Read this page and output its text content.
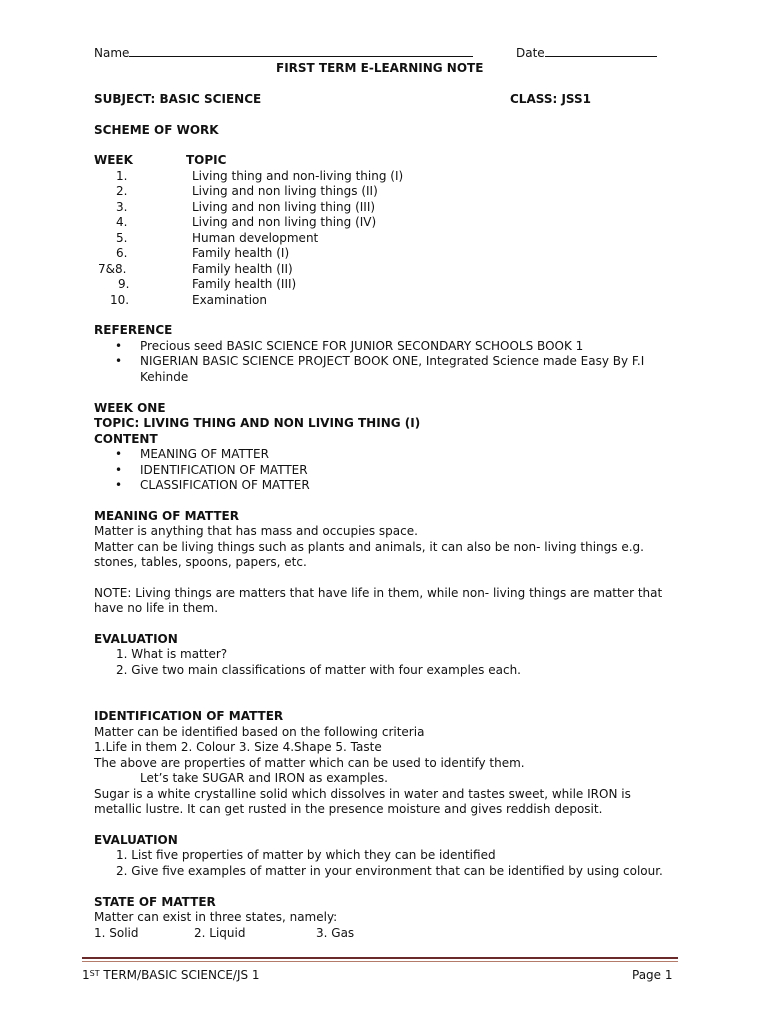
Name	Date
FIRST TERM E-LEARNING NOTE
SUBJECT: BASIC SCIENCE	CLASS: JSS1
SCHEME OF WORK
WEEK	TOPIC
1.	Living thing and non-living thing (I)
2.	Living and non living things (II)
3.	Living and non living thing (III)
4.	Living and non living thing (IV)
5.	Human development
6.	Family health (I)
7&8.	Family health (II)
9.	Family health (III)
10.	Examination
REFERENCE
• Precious seed BASIC SCIENCE FOR JUNIOR SECONDARY SCHOOLS BOOK 1
• NIGERIAN BASIC SCIENCE PROJECT BOOK ONE, Integrated Science made Easy By F.I
Kehinde
WEEK ONE
TOPIC: LIVING THING AND NON LIVING THING (I)
CONTENT
• MEANING OF MATTER
• IDENTIFICATION OF MATTER
• CLASSIFICATION OF MATTER
MEANING OF MATTER
Matter is anything that has mass and occupies space.
Matter can be living things such as plants and animals, it can also be non- living things e.g.
stones, tables, spoons, papers, etc.
NOTE: Living things are matters that have life in them, while non- living things are matter that
have no life in them.
EVALUATION
1. What is matter?
2. Give two main classifications of matter with four examples each.
IDENTIFICATION OF MATTER
Matter can be identified based on the following criteria
1.Life in them 2. Colour 3. Size 4.Shape 5. Taste
The above are properties of matter which can be used to identify them.
Let’s take SUGAR and IRON as examples.
Sugar is a white crystalline solid which dissolves in water and tastes sweet, while IRON is
metallic lustre. It can get rusted in the presence moisture and gives reddish deposit.
EVALUATION
1. List five properties of matter by which they can be identified
2. Give five examples of matter in your environment that can be identified by using colour.
STATE OF MATTER
Matter can exist in three states, namely:
1. Solid	2. Liquid	3. Gas
1ST TERM/BASIC SCIENCE/JS 1	Page 1
